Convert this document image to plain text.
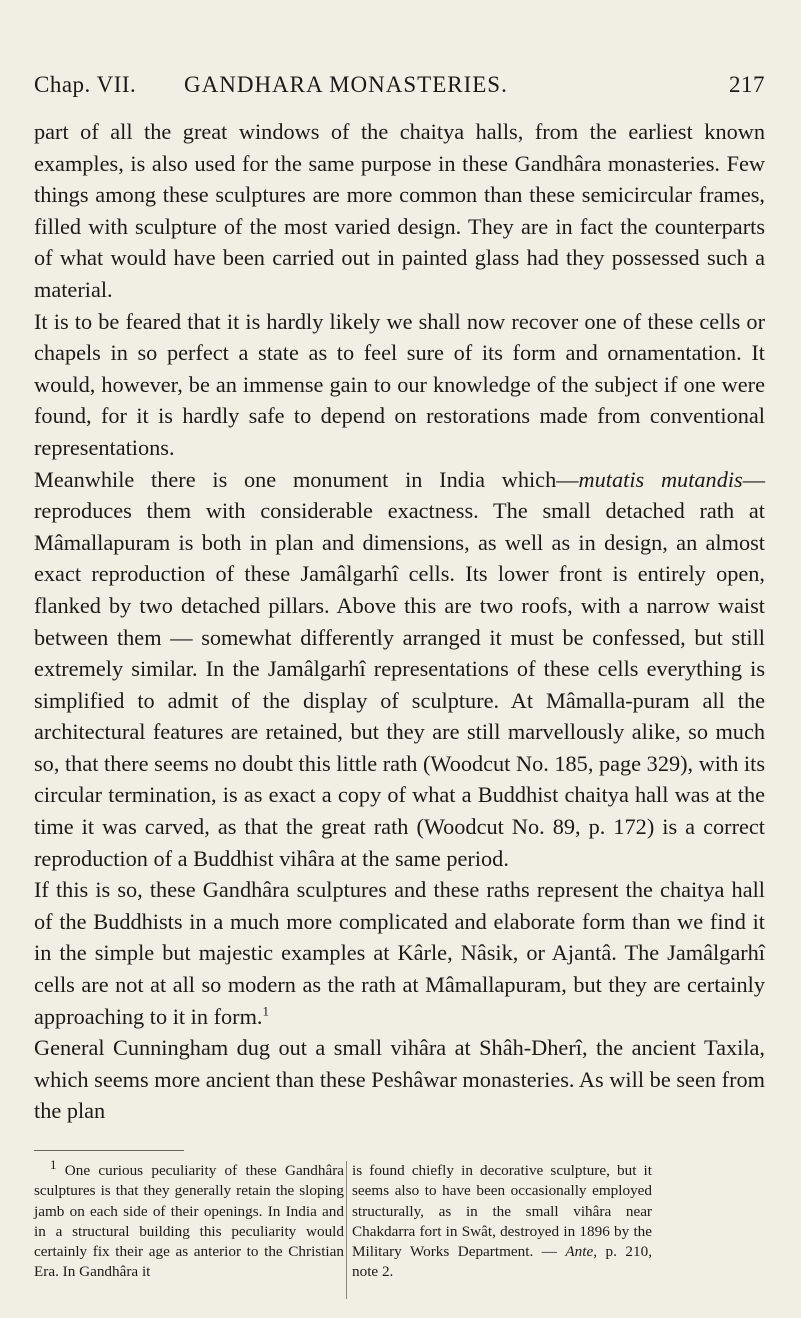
Chap. VII. GANDHARA MONASTERIES.	217

part of all the great windows of the chaitya halls, from the earliest known examples, is also used for the same purpose in these Gandhâra monasteries. Few things among these sculptures are more common than these semicircular frames, filled with sculpture of the most varied design. They are in fact the counterparts of what would have been carried out in painted glass had they possessed such a material.

It is to be feared that it is hardly likely we shall now recover one of these cells or chapels in so perfect a state as to feel sure of its form and ornamentation. It would, however, be an immense gain to our knowledge of the subject if one were found, for it is hardly safe to depend on restorations made from conventional representations.

Meanwhile there is one monument in India which—mutatis mutandis—reproduces them with considerable exactness. The small detached rath at Mâmallapuram is both in plan and dimensions, as well as in design, an almost exact reproduction of these Jamâlgarhî cells. Its lower front is entirely open, flanked by two detached pillars. Above this are two roofs, with a narrow waist between them — somewhat differently arranged it must be confessed, but still extremely similar. In the Jamâlgarhî representations of these cells everything is simplified to admit of the display of sculpture. At Mâmalla-puram all the architectural features are retained, but they are still marvellously alike, so much so, that there seems no doubt this little rath (Woodcut No. 185, page 329), with its circular termination, is as exact a copy of what a Buddhist chaitya hall was at the time it was carved, as that the great rath (Woodcut No. 89, p. 172) is a correct reproduction of a Buddhist vihâra at the same period.

If this is so, these Gandhâra sculptures and these raths represent the chaitya hall of the Buddhists in a much more complicated and elaborate form than we find it in the simple but majestic examples at Kârle, Nâsik, or Ajantâ. The Jamâlgarhî cells are not at all so modern as the rath at Mâmallapuram, but they are certainly approaching to it in form.$^1$

General Cunningham dug out a small vihâra at Shâh-Dherî, the ancient Taxila, which seems more ancient than these Peshâwar monasteries. As will be seen from the plan

$^1$ One curious peculiarity of these Gandhâra sculptures is that they generally retain the sloping jamb on each side of their openings. In India and in a structural building this peculiarity would certainly fix their age as anterior to the Christian Era. In Gandhâra it
is found chiefly in decorative sculpture, but it seems also to have been occasionally employed structurally, as in the small vihâra near Chakdarra fort in Swât, destroyed in 1896 by the Military Works Department. — Ante, p. 210, note 2.
